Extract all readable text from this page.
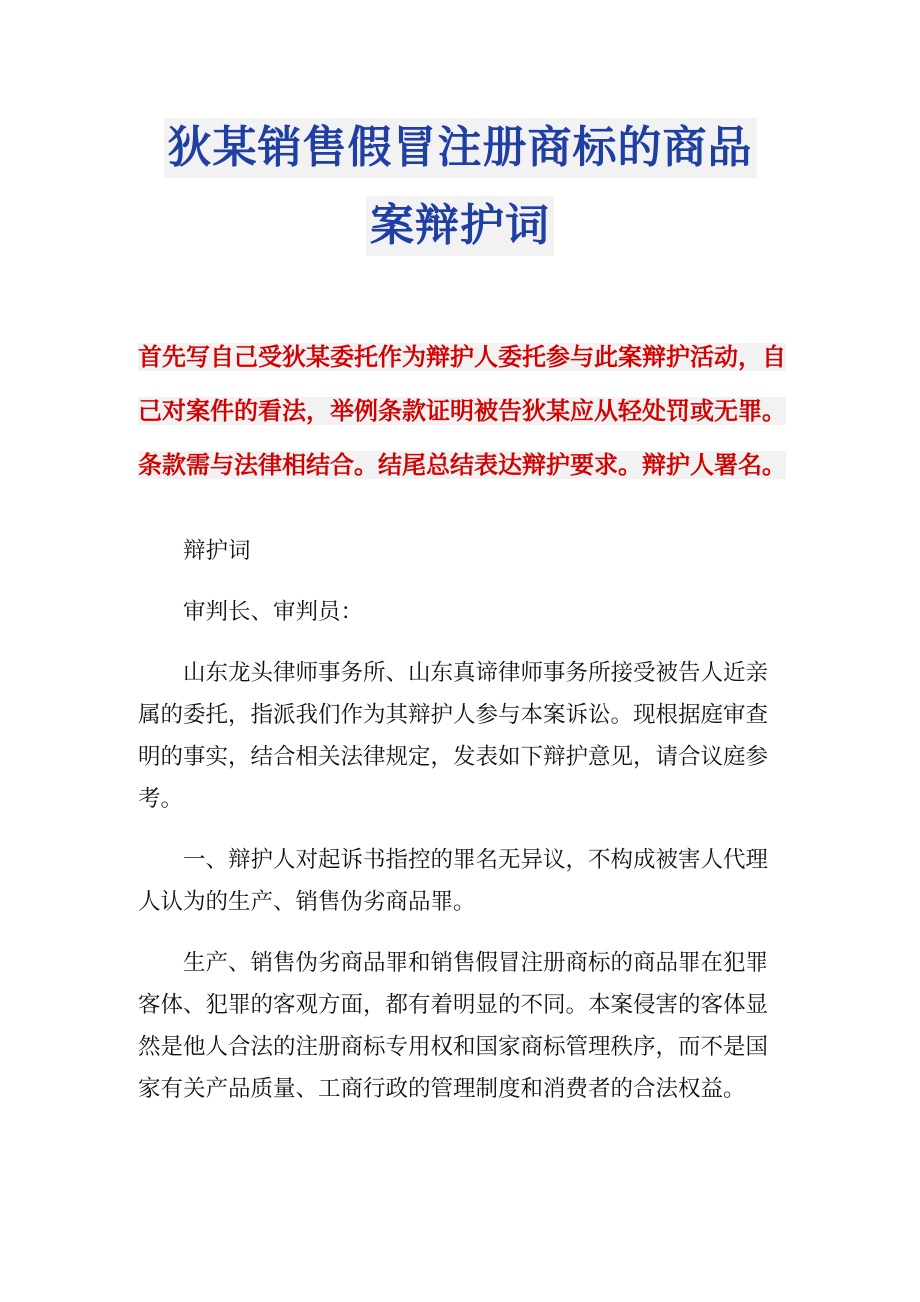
狄某销售假冒注册商标的商品
案辩护词
首先写自己受狄某委托作为辩护人委托参与此案辩护活动，自己对案件的看法，举例条款证明被告狄某应从轻处罚或无罪。条款需与法律相结合。结尾总结表达辩护要求。辩护人署名。

辩护词

审判长、审判员：

山东龙头律师事务所、山东真谛律师事务所接受被告人近亲属的委托，指派我们作为其辩护人参与本案诉讼。现根据庭审查明的事实，结合相关法律规定，发表如下辩护意见，请合议庭参考。

一、辩护人对起诉书指控的罪名无异议，不构成被害人代理人认为的生产、销售伪劣商品罪。

生产、销售伪劣商品罪和销售假冒注册商标的商品罪在犯罪客体、犯罪的客观方面，都有着明显的不同。本案侵害的客体显然是他人合法的注册商标专用权和国家商标管理秩序，而不是国家有关产品质量、工商行政的管理制度和消费者的合法权益。
